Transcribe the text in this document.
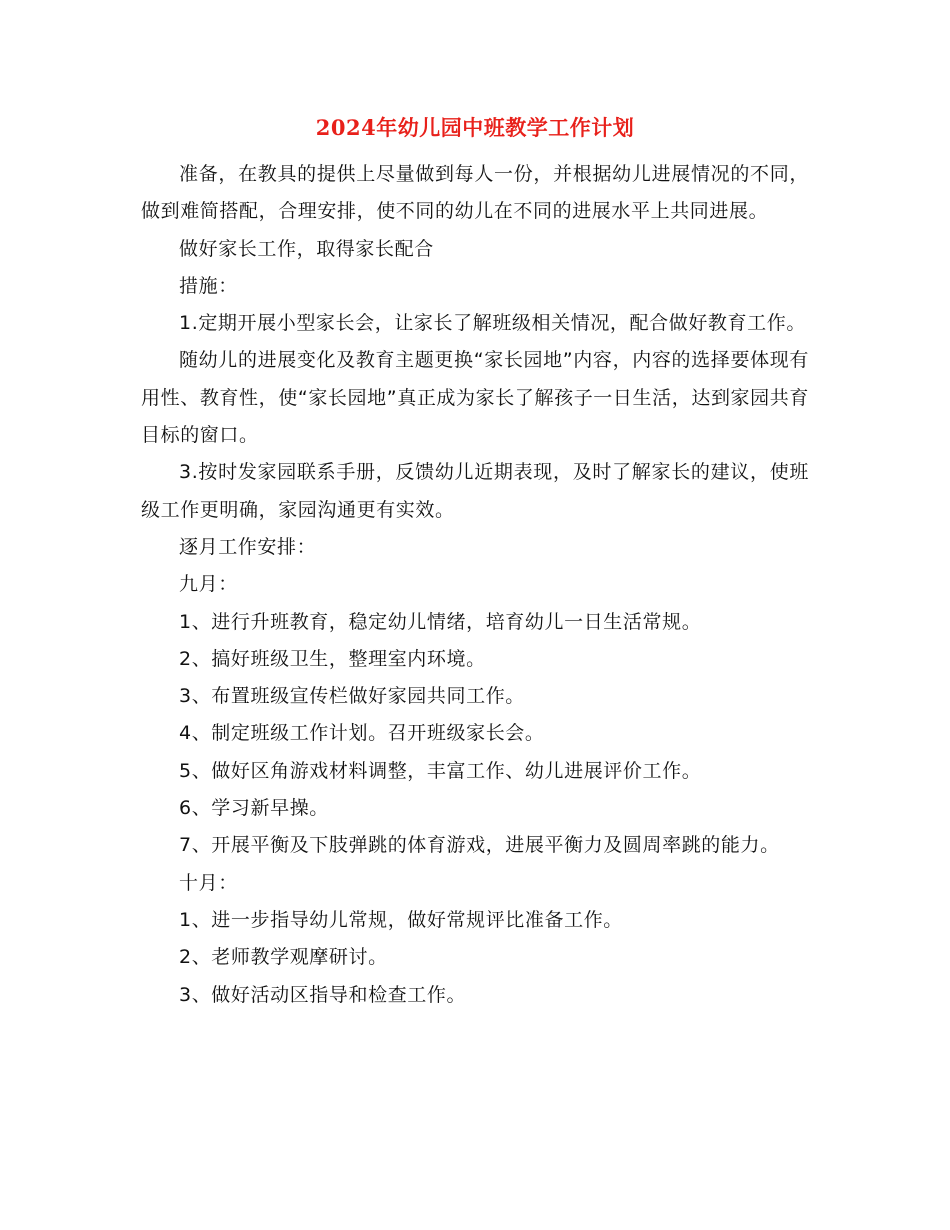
2024年幼儿园中班教学工作计划

准备，在教具的提供上尽量做到每人一份，并根据幼儿进展情况的不同，做到难简搭配，合理安排，使不同的幼儿在不同的进展水平上共同进展。

做好家长工作，取得家长配合

措施：

1.定期开展小型家长会，让家长了解班级相关情况，配合做好教育工作。

随幼儿的进展变化及教育主题更换“家长园地”内容，内容的选择要体现有用性、教育性，使“家长园地”真正成为家长了解孩子一日生活，达到家园共育目标的窗口。

3.按时发家园联系手册，反馈幼儿近期表现，及时了解家长的建议，使班级工作更明确，家园沟通更有实效。

逐月工作安排：

九月：

1、进行升班教育，稳定幼儿情绪，培育幼儿一日生活常规。

2、搞好班级卫生，整理室内环境。

3、布置班级宣传栏做好家园共同工作。

4、制定班级工作计划。召开班级家长会。

5、做好区角游戏材料调整，丰富工作、幼儿进展评价工作。

6、学习新早操。

7、开展平衡及下肢弹跳的体育游戏，进展平衡力及圆周率跳的能力。

十月：

1、进一步指导幼儿常规，做好常规评比准备工作。

2、老师教学观摩研讨。

3、做好活动区指导和检查工作。
